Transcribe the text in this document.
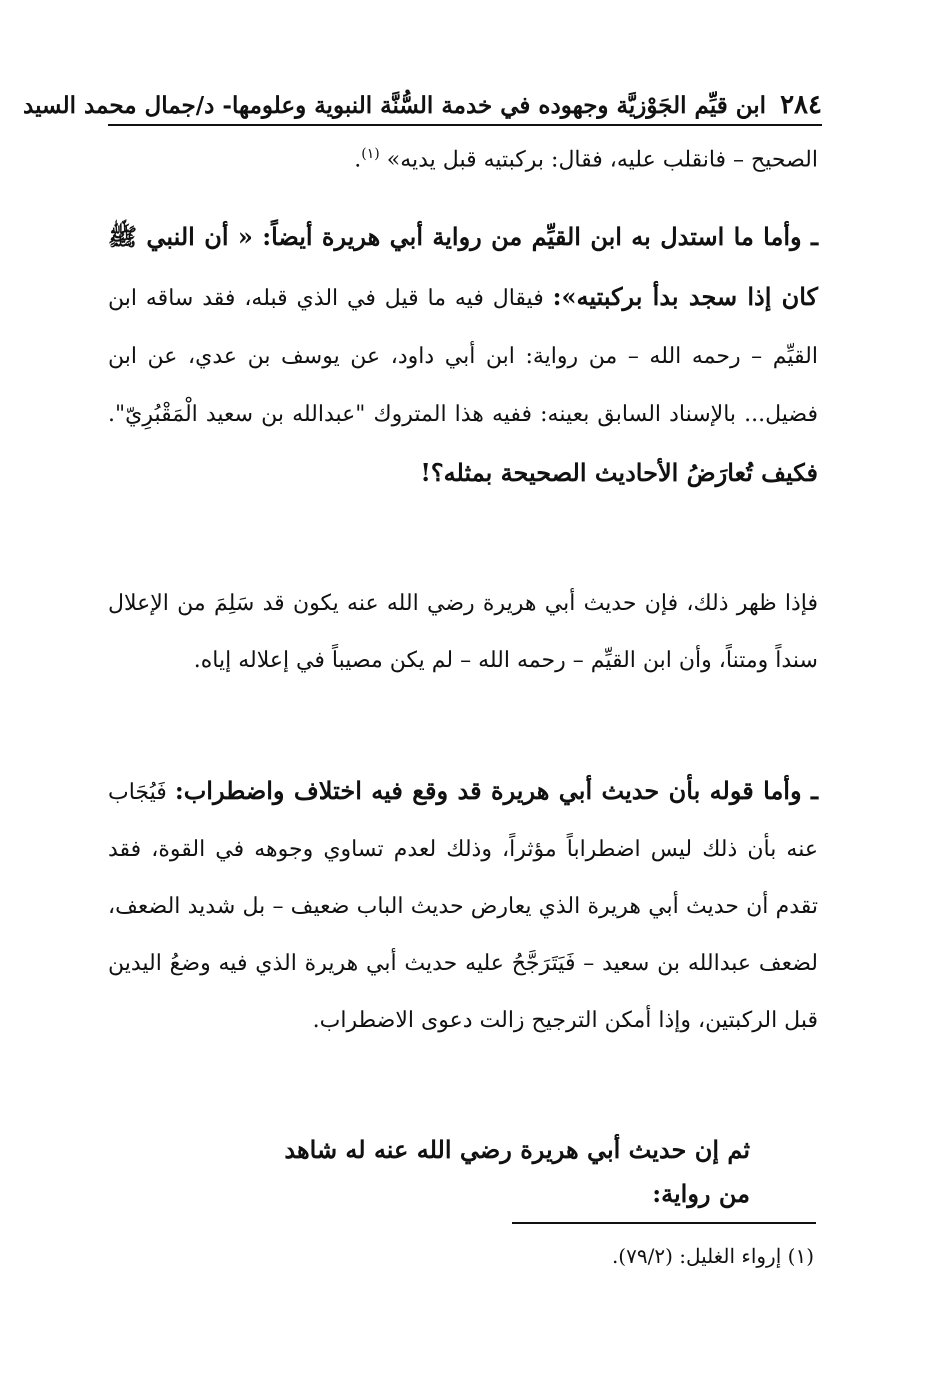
٢٨٤ ابن قيِّم الجَوْزيَّة وجهوده في خدمة السُّنَّة النبوية وعلومها- د/جمال محمد السيد

الصحيح – فانقلب عليه، فقال: بركبتيه قبل يديه» $^{(١)}$.

ـ وأما ما استدل به ابن القيِّم من رواية أبي هريرة أيضاً: « أن النبي ﷺ كان إذا سجد بدأ بركبتيه»: فيقال فيه ما قيل في الذي قبله، فقد ساقه ابن القيِّم – رحمه الله – من رواية: ابن أبي داود، عن يوسف بن عدي، عن ابن فضيل... بالإسناد السابق بعينه: ففيه هذا المتروك "عبدالله بن سعيد الْمَقْبُرِيّ". فكيف تُعارَضُ الأحاديث الصحيحة بمثله؟!

فإذا ظهر ذلك، فإن حديث أبي هريرة رضي الله عنه يكون قد سَلِمَ من الإعلال سنداً ومتناً، وأن ابن القيِّم – رحمه الله – لم يكن مصيباً في إعلاله إياه.

ـ وأما قوله بأن حديث أبي هريرة قد وقع فيه اختلاف واضطراب: فَيُجَاب عنه بأن ذلك ليس اضطراباً مؤثراً، وذلك لعدم تساوي وجوهه في القوة، فقد تقدم أن حديث أبي هريرة الذي يعارض حديث الباب ضعيف – بل شديد الضعف، لضعف عبدالله بن سعيد – فَيَتَرَجَّحُ عليه حديث أبي هريرة الذي فيه وضعُ اليدين قبل الركبتين، وإذا أمكن الترجيح زالت دعوى الاضطراب.

ثم إن حديث أبي هريرة رضي الله عنه له شاهد من رواية:
(١) إرواء الغليل: (٧٩/٢).
